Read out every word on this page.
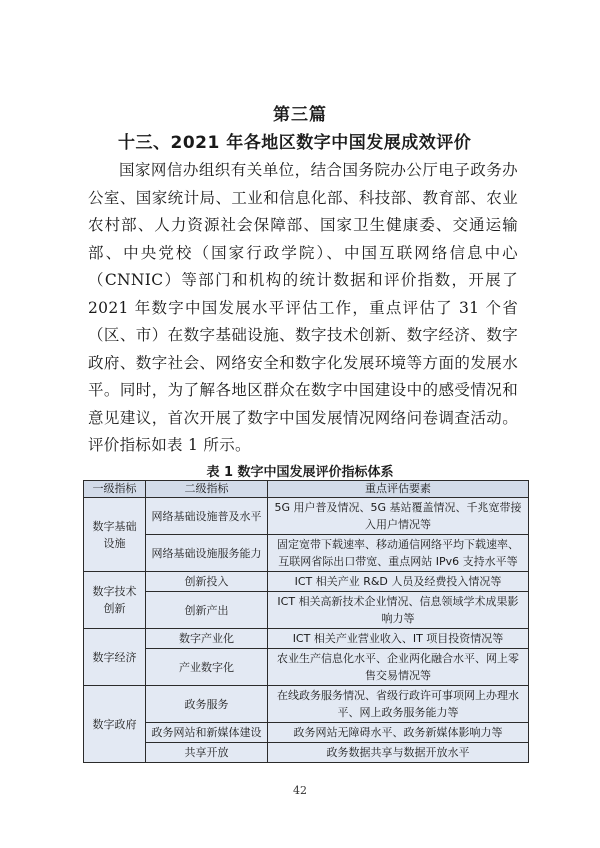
第三篇
十三、2021 年各地区数字中国发展成效评价

国家网信办组织有关单位，结合国务院办公厅电子政务办公室、国家统计局、工业和信息化部、科技部、教育部、农业农村部、人力资源社会保障部、国家卫生健康委、交通运输部、中央党校（国家行政学院）、中国互联网络信息中心（CNNIC）等部门和机构的统计数据和评价指数，开展了 2021 年数字中国发展水平评估工作，重点评估了 31 个省（区、市）在数字基础设施、数字技术创新、数字经济、数字政府、数字社会、网络安全和数字化发展环境等方面的发展水平。同时，为了解各地区群众在数字中国建设中的感受情况和意见建议，首次开展了数字中国发展情况网络问卷调查活动。评价指标如表 1 所示。

表 1 数字中国发展评价指标体系
一级指标	二级指标	重点评估要素
数字基础设施	网络基础设施普及水平	5G 用户普及情况、5G 基站覆盖情况、千兆宽带接入用户情况等
	网络基础设施服务能力	固定宽带下载速率、移动通信网络平均下载速率、互联网省际出口带宽、重点网站 IPv6 支持水平等
数字技术创新	创新投入	ICT 相关产业 R&D 人员及经费投入情况等
	创新产出	ICT 相关高新技术企业情况、信息领域学术成果影响力等
数字经济	数字产业化	ICT 相关产业营业收入、IT 项目投资情况等
	产业数字化	农业生产信息化水平、企业两化融合水平、网上零售交易情况等
数字政府	政务服务	在线政务服务情况、省级行政许可事项网上办理水平、网上政务服务能力等
	政务网站和新媒体建设	政务网站无障碍水平、政务新媒体影响力等
	共享开放	政务数据共享与数据开放水平
42
